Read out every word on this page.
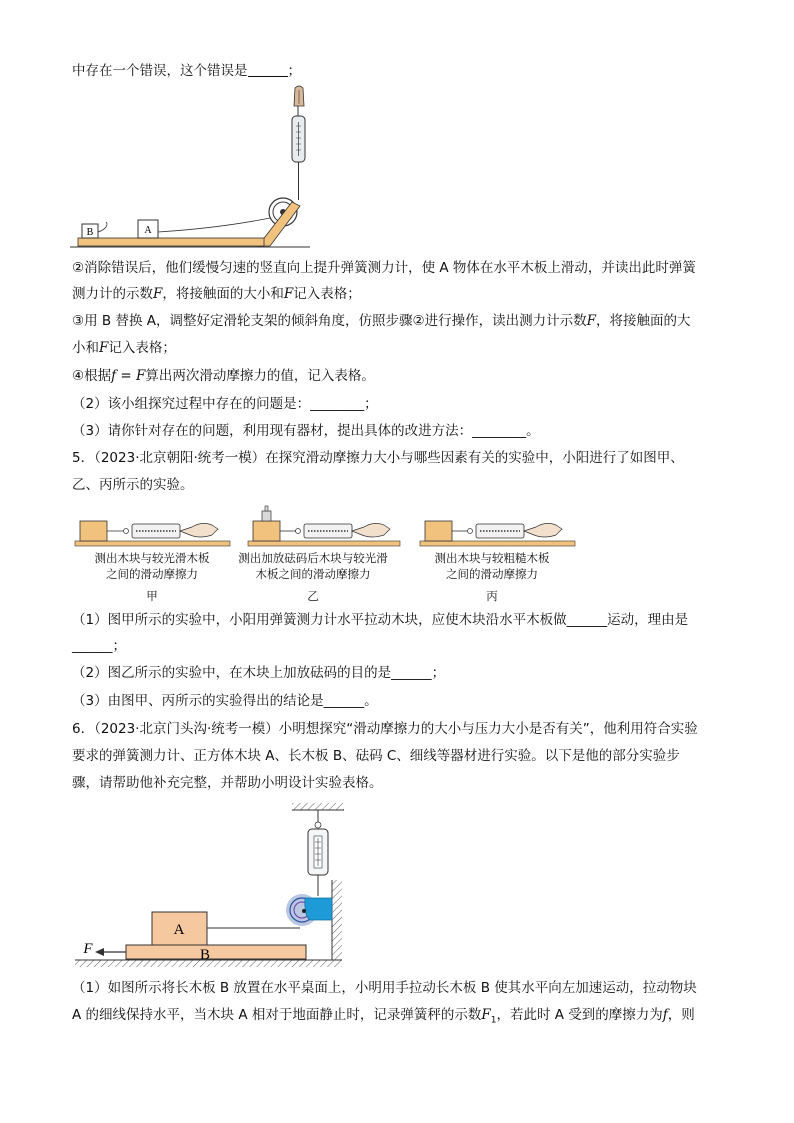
中存在一个错误，这个错误是	；
B	A
②消除错误后，他们缓慢匀速的竖直向上提升弹簧测力计，使 A 物体在水平木板上滑动，并读出此时弹簧
测力计的示数F，将接触面的大小和F记入表格；
③用 B 替换 A，调整好定滑轮支架的倾斜角度，仿照步骤②进行操作，读出测力计示数F，将接触面的大
小和F记入表格；
④根据f = F算出两次滑动摩擦力的值，记入表格。
（2）该小组探究过程中存在的问题是：________；
（3）请你针对存在的问题，利用现有器材，提出具体的改进方法：________。
5．（2023·北京朝阳·统考一模）在探究滑动摩擦力大小与哪些因素有关的实验中，小阳进行了如图甲、
乙、丙所示的实验。
测出木块与较光滑木板
之间的滑动摩擦力
测出加放砝码后木块与较光滑
木板之间的滑动摩擦力
测出木块与较粗糙木板
之间的滑动摩擦力
甲	乙	丙
（1）图甲所示的实验中，小阳用弹簧测力计水平拉动木块，应使木块沿水平木板做______运动，理由是
______；
（2）图乙所示的实验中，在木块上加放砝码的目的是______；
（3）由图甲、丙所示的实验得出的结论是______。
6．（2023·北京门头沟·统考一模）小明想探究“滑动摩擦力的大小与压力大小是否有关”，他利用符合实验
要求的弹簧测力计、正方体木块 A、长木板 B、砝码 C、细线等器材进行实验。以下是他的部分实验步
骤，请帮助他补充完整，并帮助小明设计实验表格。
A
B
F
（1）如图所示将长木板 B 放置在水平桌面上，小明用手拉动长木板 B 使其水平向左加速运动，拉动物块
A 的细线保持水平，当木块 A 相对于地面静止时，记录弹簧秤的示数$F_1$，若此时 A 受到的摩擦力为f，则
